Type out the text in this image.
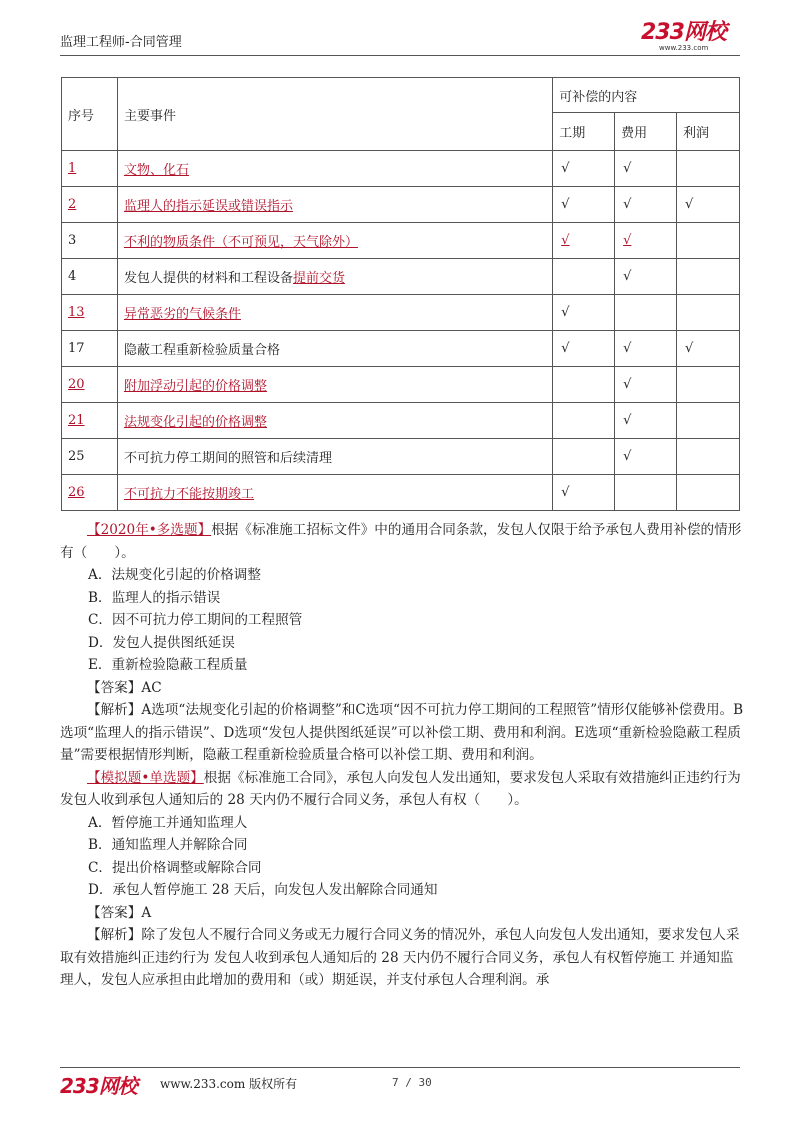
监理工程师-合同管理	233网校
www.233.com
序号	主要事件	可补偿的内容		
		工期	费用	利润
1	文物、化石	√	√	
2	监理人的指示延误或错误指示	√	√	√
3	不利的物质条件（不可预见，天气除外）	√	√	
4	发包人提供的材料和工程设备提前交货		√	
13	异常恶劣的气候条件	√		
17	隐蔽工程重新检验质量合格	√	√	√
20	附加浮动引起的价格调整		√	
21	法规变化引起的价格调整		√	
25	不可抗力停工期间的照管和后续清理		√	
26	不可抗力不能按期竣工	√		

【2020年•多选题】根据《标准施工招标文件》中的通用合同条款，发包人仅限于给予承包人费用补偿的情形有（　　）。

A．法规变化引起的价格调整

B．监理人的指示错误

C．因不可抗力停工期间的工程照管

D．发包人提供图纸延误

E．重新检验隐蔽工程质量

【答案】AC

【解析】A选项“法规变化引起的价格调整”和C选项“因不可抗力停工期间的工程照管”情形仅能够补偿费用。B选项“监理人的指示错误”、D选项“发包人提供图纸延误”可以补偿工期、费用和利润。E选项“重新检验隐蔽工程质量”需要根据情形判断，隐蔽工程重新检验质量合格可以补偿工期、费用和利润。

【模拟题•单选题】根据《标准施工合同》，承包人向发包人发出通知，要求发包人采取有效措施纠正违约行为 发包人收到承包人通知后的 28 天内仍不履行合同义务，承包人有权（　　）。

A．暂停施工并通知监理人

B．通知监理人并解除合同

C．提出价格调整或解除合同

D．承包人暂停施工 28 天后，向发包人发出解除合同通知

【答案】A

【解析】除了发包人不履行合同义务或无力履行合同义务的情况外，承包人向发包人发出通知，要求发包人采取有效措施纠正违约行为 发包人收到承包人通知后的 28 天内仍不履行合同义务，承包人有权暂停施工 并通知监理人，发包人应承担由此增加的费用和（或）期延误，并支付承包人合理利润。承

233网校 www.233.com 版权所有	7 / 30
